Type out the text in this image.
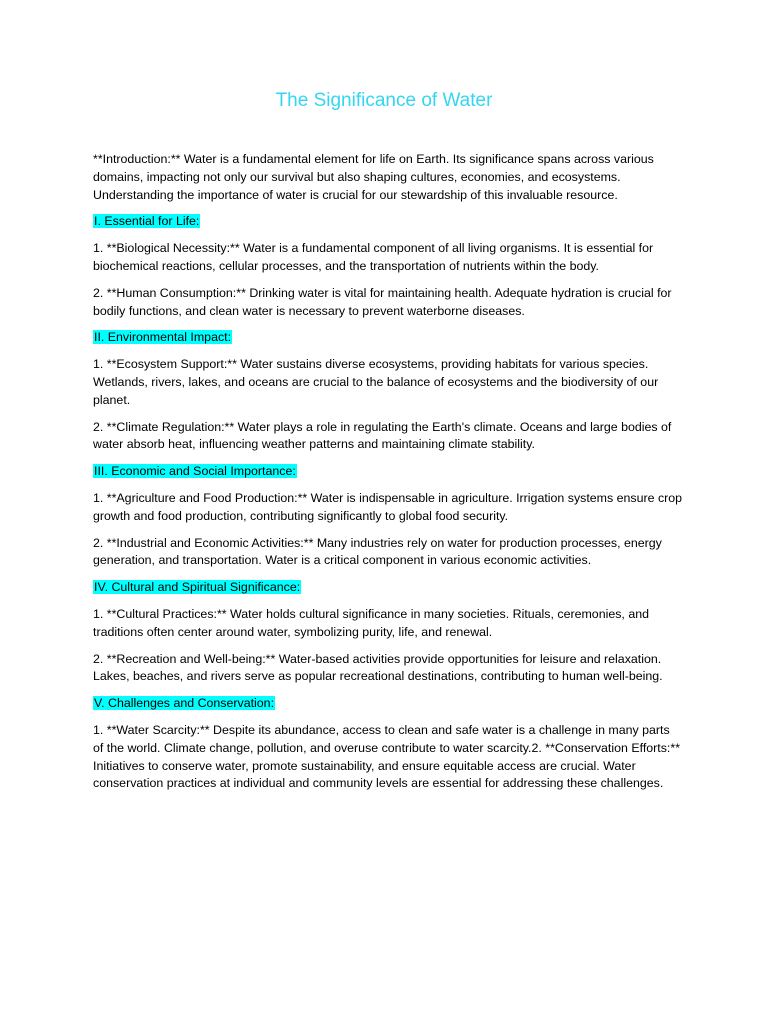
The Significance of Water

**Introduction:** Water is a fundamental element for life on Earth. Its significance spans across various domains, impacting not only our survival but also shaping cultures, economies, and ecosystems. Understanding the importance of water is crucial for our stewardship of this invaluable resource.

I. Essential for Life:

1. **Biological Necessity:** Water is a fundamental component of all living organisms. It is essential for biochemical reactions, cellular processes, and the transportation of nutrients within the body.

2. **Human Consumption:** Drinking water is vital for maintaining health. Adequate hydration is crucial for bodily functions, and clean water is necessary to prevent waterborne diseases.

II. Environmental Impact:

1. **Ecosystem Support:** Water sustains diverse ecosystems, providing habitats for various species. Wetlands, rivers, lakes, and oceans are crucial to the balance of ecosystems and the biodiversity of our planet.

2. **Climate Regulation:** Water plays a role in regulating the Earth's climate. Oceans and large bodies of water absorb heat, influencing weather patterns and maintaining climate stability.

III. Economic and Social Importance:

1. **Agriculture and Food Production:** Water is indispensable in agriculture. Irrigation systems ensure crop growth and food production, contributing significantly to global food security.

2. **Industrial and Economic Activities:** Many industries rely on water for production processes, energy generation, and transportation. Water is a critical component in various economic activities.

IV. Cultural and Spiritual Significance:

1. **Cultural Practices:** Water holds cultural significance in many societies. Rituals, ceremonies, and traditions often center around water, symbolizing purity, life, and renewal.

2. **Recreation and Well-being:** Water-based activities provide opportunities for leisure and relaxation. Lakes, beaches, and rivers serve as popular recreational destinations, contributing to human well-being.

V. Challenges and Conservation:

1. **Water Scarcity:** Despite its abundance, access to clean and safe water is a challenge in many parts of the world. Climate change, pollution, and overuse contribute to water scarcity.2. **Conservation Efforts:** Initiatives to conserve water, promote sustainability, and ensure equitable access are crucial. Water conservation practices at individual and community levels are essential for addressing these challenges.
